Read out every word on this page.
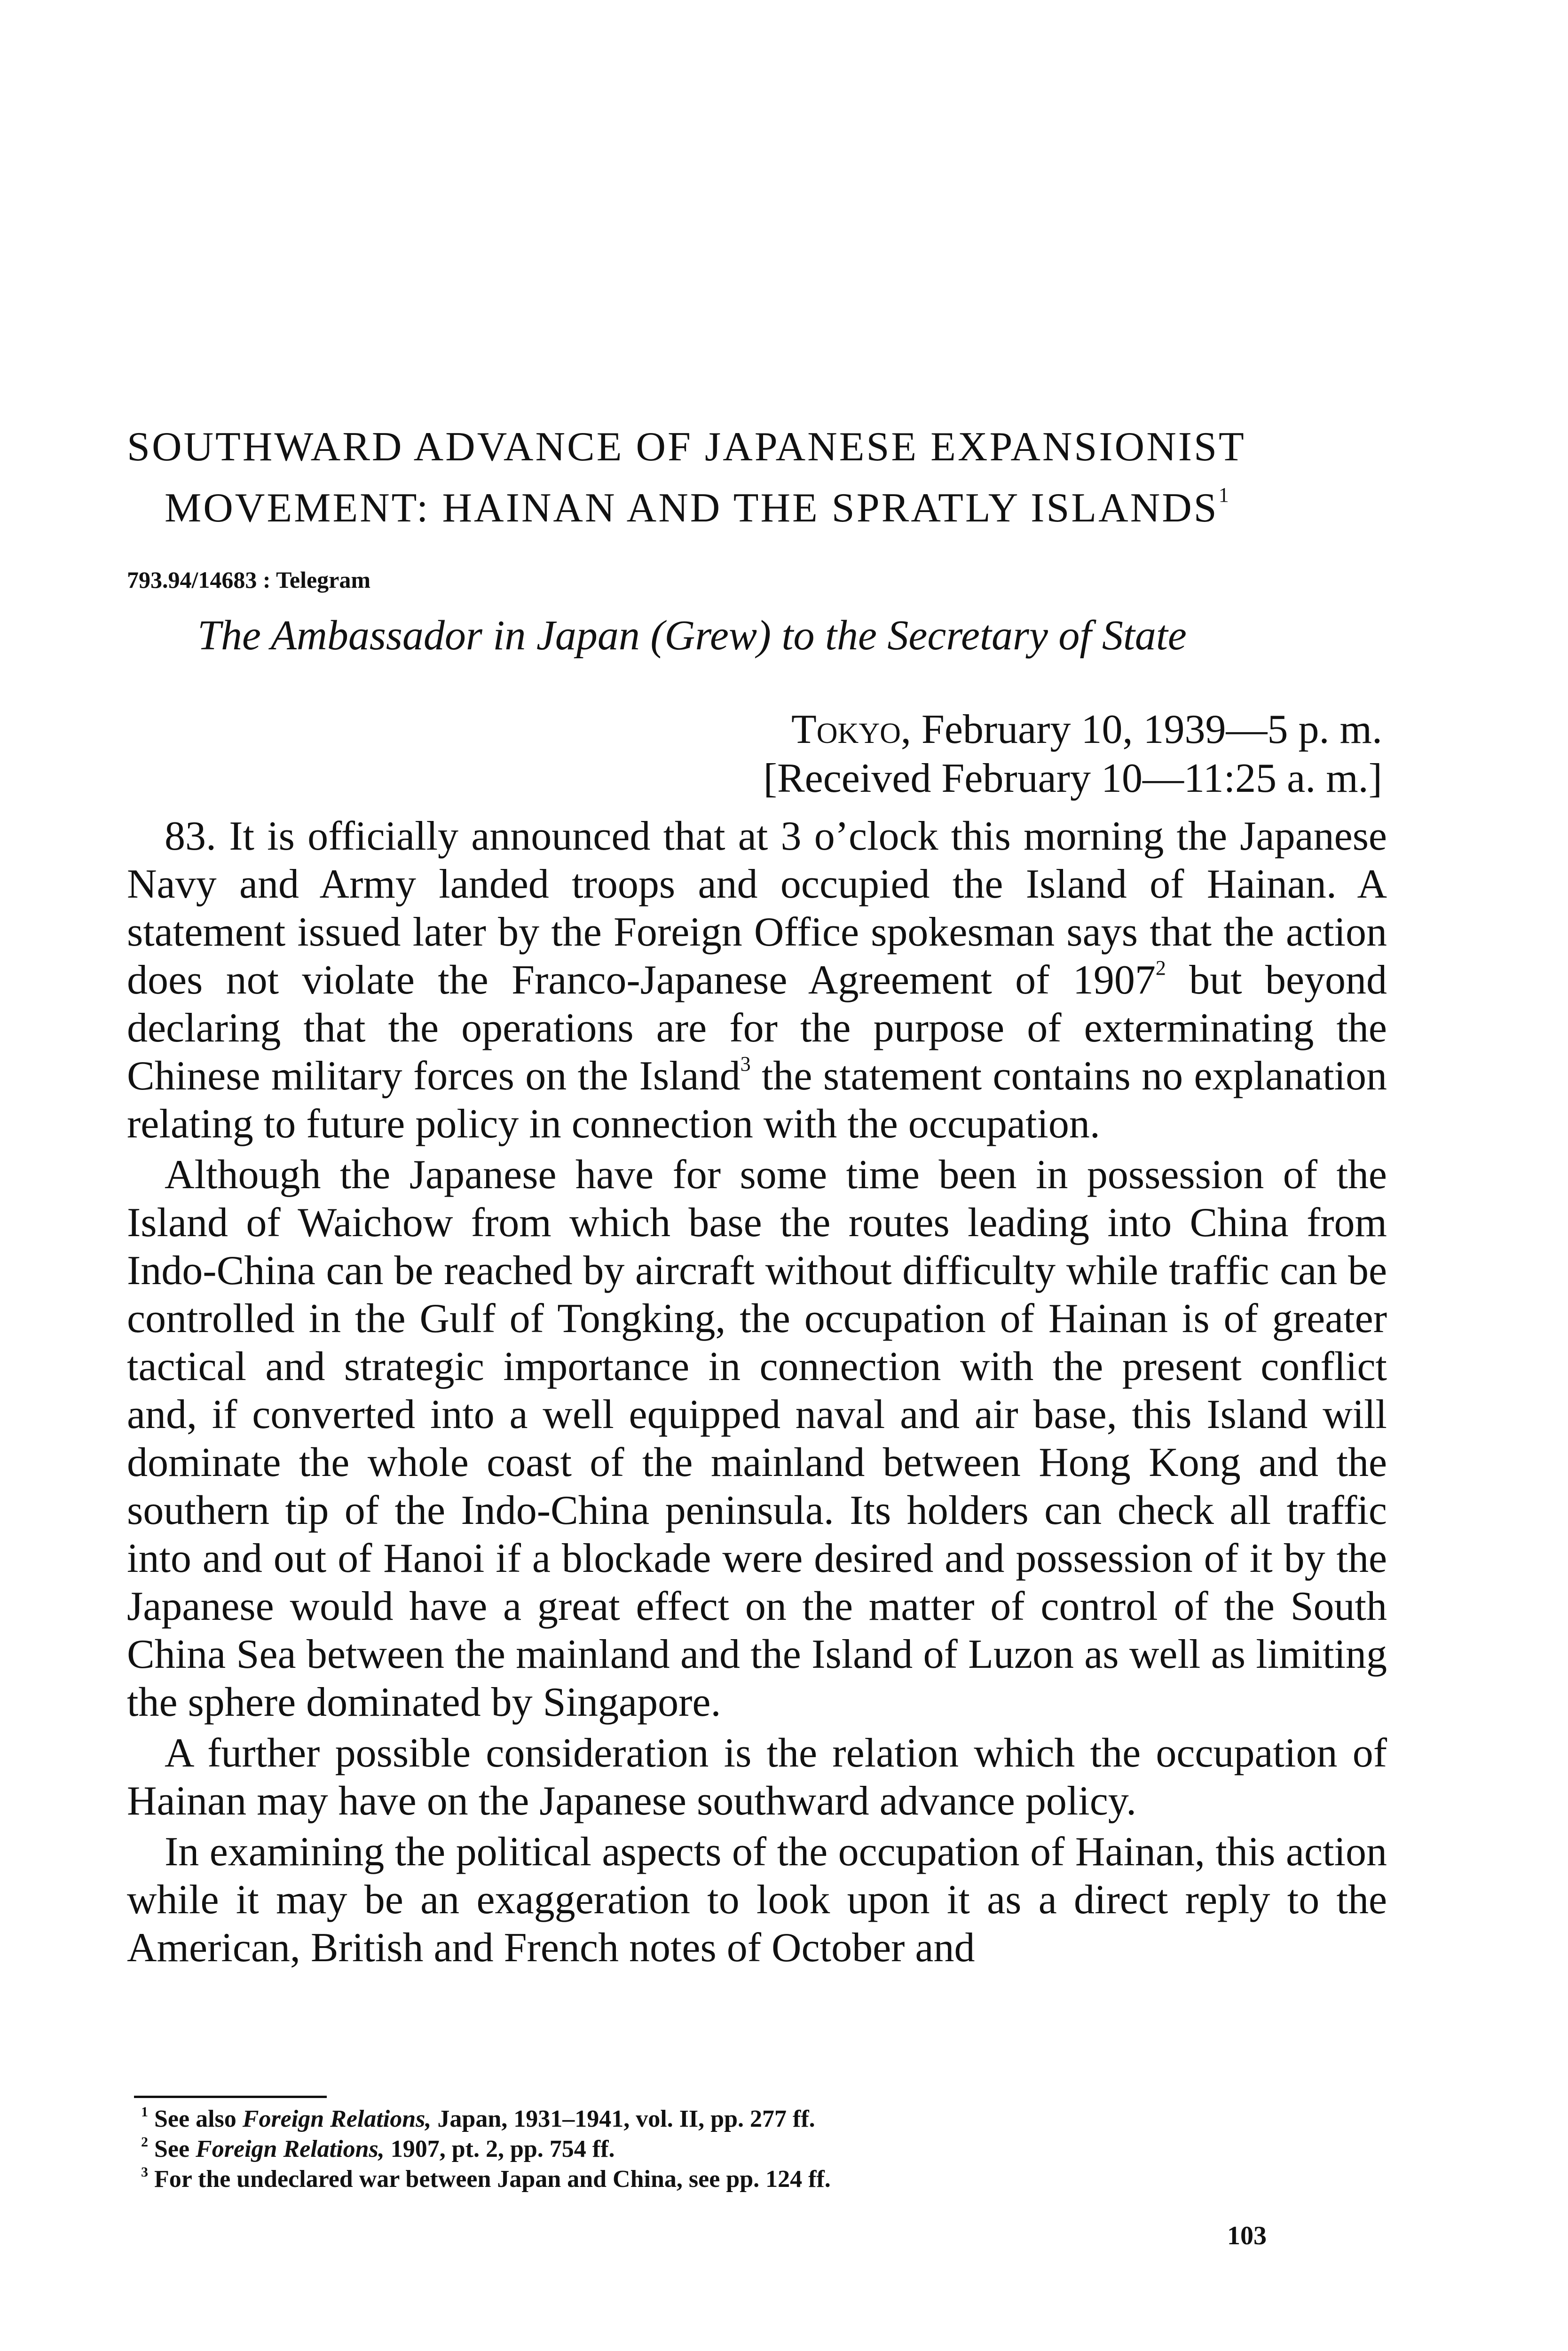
SOUTHWARD ADVANCE OF JAPANESE EXPANSIONIST
MOVEMENT: HAINAN AND THE SPRATLY ISLANDS$^1$

793.94/14683 : Telegram

The Ambassador in Japan (Grew) to the Secretary of State

Tokyo, February 10, 1939—5 p. m.
[Received February 10—11:25 a. m.]

83. It is officially announced that at 3 o’clock this morning the Japanese Navy and Army landed troops and occupied the Island of Hainan. A statement issued later by the Foreign Office spokesman says that the action does not violate the Franco-Japanese Agreement of 1907$^2$ but beyond declaring that the operations are for the purpose of exterminating the Chinese military forces on the Island$^3$ the statement contains no explanation relating to future policy in connection with the occupation.

Although the Japanese have for some time been in possession of the Island of Waichow from which base the routes leading into China from Indo-China can be reached by aircraft without difficulty while traffic can be controlled in the Gulf of Tongking, the occupation of Hainan is of greater tactical and strategic importance in connection with the present conflict and, if converted into a well equipped naval and air base, this Island will dominate the whole coast of the mainland between Hong Kong and the southern tip of the Indo-China peninsula. Its holders can check all traffic into and out of Hanoi if a blockade were desired and possession of it by the Japanese would have a great effect on the matter of control of the South China Sea between the mainland and the Island of Luzon as well as limiting the sphere dominated by Singapore.

A further possible consideration is the relation which the occupation of Hainan may have on the Japanese southward advance policy.

In examining the political aspects of the occupation of Hainan, this action while it may be an exaggeration to look upon it as a direct reply to the American, British and French notes of October and

$^1$ See also Foreign Relations, Japan, 1931–1941, vol. II, pp. 277 ff.
$^2$ See Foreign Relations, 1907, pt. 2, pp. 754 ff.
$^3$ For the undeclared war between Japan and China, see pp. 124 ff.
103
